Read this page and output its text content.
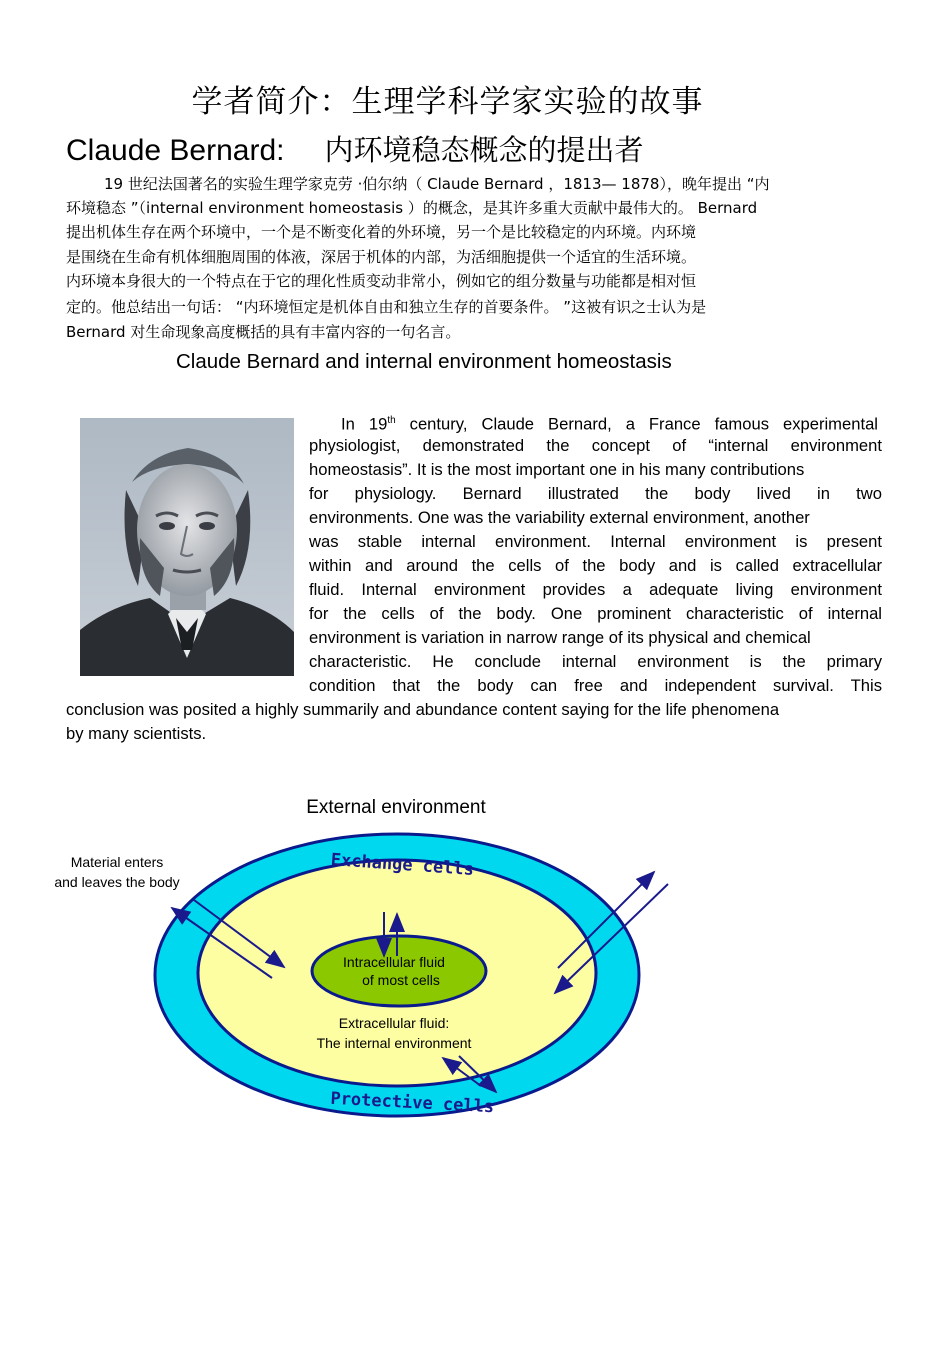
学者简介：生理学科学家实验的故事
Claude Bernard: 内环境稳态概念的提出者
19 世纪法国著名的实验生理学家克劳 ·伯尔纳（ Claude Bernard ，1813— 1878），晚年提出 “内
环境稳态 ”（internal environment homeostasis ）的概念，是其许多重大贡献中最伟大的。 Bernard
提出机体生存在两个环境中，一个是不断变化着的外环境，另一个是比较稳定的内环境。内环境
是围绕在生命有机体细胞周围的体液，深居于机体的内部，为活细胞提供一个适宜的生活环境。
内环境本身很大的一个特点在于它的理化性质变动非常小，例如它的组分数量与功能都是相对恒
定的。他总结出一句话： “内环境恒定是机体自由和独立生存的首要条件。 ”这被有识之士认为是
Bernard 对生命现象高度概括的具有丰富内容的一句名言。
Claude Bernard and internal environment homeostasis
In 19th century, Claude Bernard, a France famous experimental
physiologist, demonstrated the concept of “internal environment
homeostasis”. It is the most important one in his many contributions
for physiology. Bernard illustrated the body lived in two
environments. One was the variability external environment, another
was stable internal environment. Internal environment is present
within and around the cells of the body and is called extracellular
fluid. Internal environment provides a adequate living environment
for the cells of the body. One prominent characteristic of internal
environment is variation in narrow range of its physical and chemical
characteristic. He conclude internal environment is the primary
condition that the body can free and independent survival. This
conclusion was posited a highly summarily and abundance content saying for the life phenomena
by many scientists.
External environment
Material enters
and leaves the body
Exchange cells
Protective cells
Intracellular fluid
of most cells
Extracellular fluid:
The internal environment
